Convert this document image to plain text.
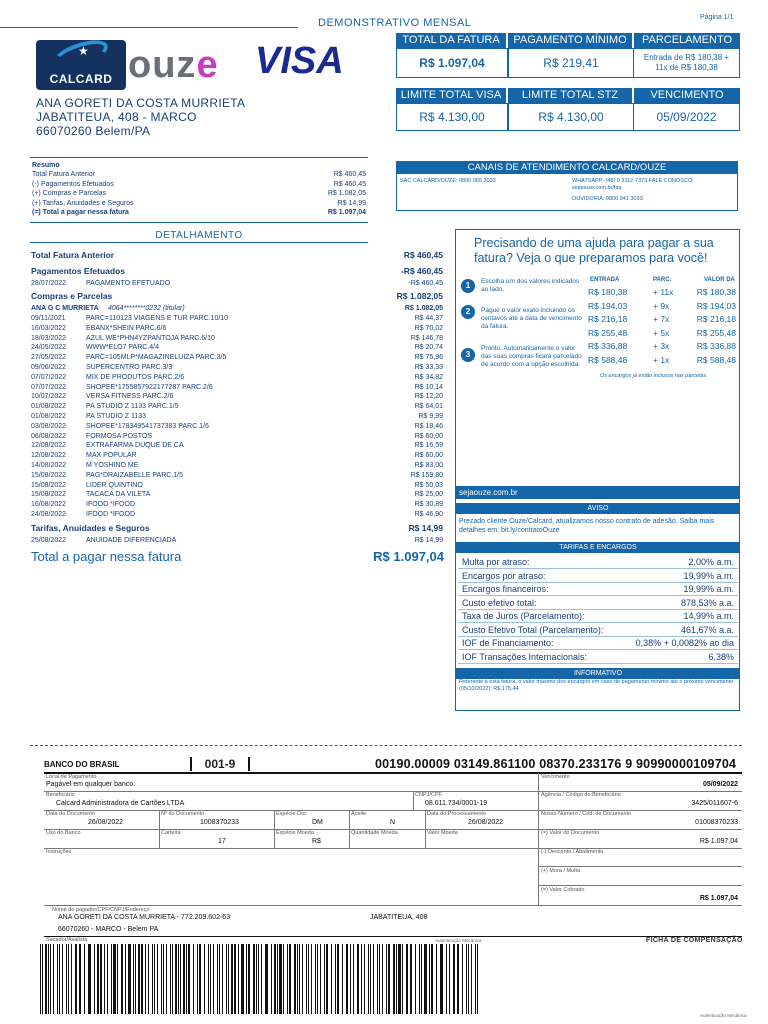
DEMONSTRATIVO MENSAL	Página 1/1
★
CALCARD ouze VISA
ANA GORETI DA COSTA MURRIETA
JABATITEUA, 408 - MARCO
66070260 Belem/PA
TOTAL DA FATURA	PAGAMENTO MÍNIMO	PARCELAMENTO
R$ 1.097,04	R$ 219,41	Entrada de R$ 180,38 +
11x de R$ 180,38
LIMITE TOTAL VISA	LIMITE TOTAL STZ	VENCIMENTO
R$ 4.130,00	R$ 4.130,00	05/09/2022
Resumo
Total Fatura Anterior	R$ 460,45
(-) Pagamentos Efetuados	R$ 460,45
(+) Compras e Parcelas	R$ 1.082,05
(+) Tarifas, Anuidades e Seguros	R$ 14,99
(=) Total a pagar nessa fatura	R$ 1.097,04
CANAIS DE ATENDIMENTO CALCARD/OUZE
SAC CALCARD/OUZE: 0800 065 3033	WHATSAPP: (48) 9 9112-7373 FALE CONOSCO:
sejaouze.com.br/faq
OUVIDORIA: 0800 941 3033.
DETALHAMENTO
Total Fatura Anterior	R$ 460,45
Pagamentos Efetuados	-R$ 460,45
28/07/2022	PAGAMENTO EFETUADO	-R$ 460,45
Compras e Parcelas	R$ 1.082,05
ANA G C MURRIETA 4064********0232 (titular)	R$ 1.082,05
09/11/2021	PARC=110123 VIAGENS E TUR PARC.10/10	R$ 44,37
16/03/2022	EBANX*SHEIN PARC.6/6	R$ 70,02
18/03/2022	AZUL WE*PHN4YZPANTOJA PARC.6/10	R$ 146,78
24/05/2022	WWW*ELO7 PARC.4/4	R$ 20,74
27/05/2022	PARC=105MLP*MAGAZINELUIZA PARC.3/5	R$ 75,96
09/06/2022	SUPERCENTRO PARC.3/3	R$ 33,33
07/07/2022	MIX DE PRODUTOS PARC.2/6	R$ 34,82
07/07/2022	SHOPEE*1755857922177287 PARC.2/6	R$ 10,14
10/07/2022	VERSA FITNESS PARC.2/6	R$ 12,20
01/08/2022	PA STUDIO Z 1133 PARC.1/5	R$ 64,01
01/08/2022	PA STUDIO Z 1133	R$ 9,99
03/08/2022	SHOPEE*178349541737383 PARC.1/6	R$ 18,46
06/08/2022	FORMOSA POSTOS	R$ 60,00
12/08/2022	EXTRAFARMA DUQUE DE CA	R$ 16,59
12/08/2022	MAX POPULAR	R$ 60,00
14/08/2022	M YOSHINO ME	R$ 83,00
15/08/2022	PAG*DRAIZABELLE PARC.1/5	R$ 159,80
15/08/2022	LIDER QUINTINO	R$ 50,03
15/08/2022	TACACA DA VILETA	R$ 25,00
16/08/2022	IFOOD *IFOOD	R$ 30,89
24/08/2022	IFOOD *IFOOD	R$ 46,90
Tarifas, Anuidades e Seguros	R$ 14,99
25/08/2022	ANUIDADE DIFERENCIADA	R$ 14,99
Total a pagar nessa fatura	R$ 1.097,04
Precisando de uma ajuda para pagar a sua fatura? Veja o que preparamos para você!
1	Escolha um dos valores indicados ao lado.
2	Pague o valor exato incluindo os centavos até a data de vencimento da fatura.
3
Pronto. Automaticamente o valor das suas compras ficará parcelado de acordo com a opção escolhida.
ENTRADA	PARC.	VALOR DA
R$ 180,38	+ 11x	R$ 180,38
R$ 194,03	+ 9x	R$ 194,03
R$ 216,18	+ 7x	R$ 216,18
R$ 255,48	+ 5x	R$ 255,48
R$ 336,88	+ 3x	R$ 336,88
R$ 588,48	+ 1x	R$ 588,48
Os encargos já estão inclusos nas parcelas.
sejaouze.com.br
AVISO
Prezado cliente Ouze/Calcard, atualizamos nosso contrato de adesão. Saiba mais detalhes em: bit.ly/contratoOuze
TARIFAS E ENCARGOS
Multa por atraso:	2,00% a.m.
Encargos por atraso:	19,99% a.m.
Encargos financeiros:	19,99% a.m.
Custo efetivo total:	878,53% a.a.
Taxa de Juros (Parcelamento):	14,99% a.m.
Custo Efetivo Total (Parcelamento):	461,67% a.a.
IOF de Financiamento:	0,38% + 0,0082% ao dia
IOF Transações Internacionais:	6,38%
INFORMATIVO
Referente à esta fatura, o valor máximo dos encargos em caso de pagamento mínimo até o próximo vencimento (05/10/2022): R$ 175,44
BANCO DO BRASIL	001-9	00190.00009 03149.861100 08370.233176 9 90990000109704
Local de Pagamento
Pagável em qualquer banco.
Vencimento
05/09/2022
Beneficiário
Calcard Administradora de Cartões LTDA
CNPJ/CPF
08.611.734/0001-19
Agência / Código do Beneficiário
3425/011607-6
Data do Documento
26/08/2022
Nº do Documento
1008370233
Espécie Doc
DM
Aceite
N
Data do Processamento
26/08/2022
Nosso Número / Cód. do Documento
01008370233
Uso do Banco	Carteira
17
Espécie Moeda
R$
Quantidade Moeda	Valor Moeda	(=) Valor do Documento
R$ 1.097,04
Instruções	(-) Desconto / Abatimento
(+) Mora / Multa
(=) Valor Cobrado
R$ 1.097,04
Nome do pagador/CPF/CNPJ/Endereço
ANA GORETI DA COSTA MURRIETA - 772.209.602-63	JABATITEUA, 408
66070260 - MARCO - Belem PA
Sacador/Avalista	Autenticação Mecânica	FICHA DE COMPENSAÇÃO
Autenticação Mecânica
